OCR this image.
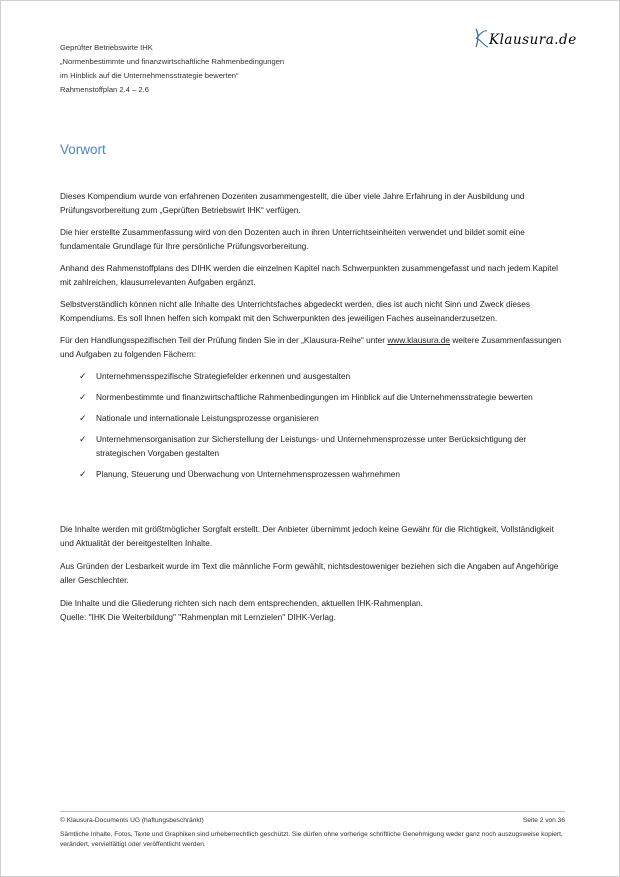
Geprüfter Betriebswirte IHK
„Normenbestimmte und finanzwirtschaftliche Rahmenbedingungen
im Hinblick auf die Unternehmensstrategie bewerten“
Rahmenstoffplan 2.4 – 2.6
Klausura.de
Vorwort

Dieses Kompendium wurde von erfahrenen Dozenten zusammengestellt, die über viele Jahre Erfahrung in der Ausbildung und Prüfungsvorbereitung zum „Geprüften Betriebswirt IHK“ verfügen.

Die hier erstellte Zusammenfassung wird von den Dozenten auch in ihren Unterrichtseinheiten verwendet und bildet somit eine fundamentale Grundlage für Ihre persönliche Prüfungsvorbereitung.

Anhand des Rahmenstoffplans des DIHK werden die einzelnen Kapitel nach Schwerpunkten zusammengefasst und nach jedem Kapitel mit zahlreichen, klausurrelevanten Aufgaben ergänzt.

Selbstverständlich können nicht alle Inhalte des Unterrichtsfaches abgedeckt werden, dies ist auch nicht Sinn und Zweck dieses Kompendiums. Es soll Ihnen helfen sich kompakt mit den Schwerpunkten des jeweiligen Faches auseinanderzusetzen.

Für den Handlungsspezifischen Teil der Prüfung finden Sie in der „Klausura-Reihe“ unter www.klausura.de weitere Zusammenfassungen und Aufgaben zu folgenden Fächern:

✓ Unternehmensspezifische Strategiefelder erkennen und ausgestalten
✓ Normenbestimmte und finanzwirtschaftliche Rahmenbedingungen im Hinblick auf die Unternehmensstrategie bewerten
✓ Nationale und internationale Leistungsprozesse organisieren
✓ Unternehmensorganisation zur Sicherstellung der Leistungs- und Unternehmensprozesse unter Berücksichtigung der strategischen Vorgaben gestalten
✓ Planung, Steuerung und Überwachung von Unternehmensprozessen wahrnehmen

Die Inhalte werden mit größtmöglicher Sorgfalt erstellt. Der Anbieter übernimmt jedoch keine Gewähr für die Richtigkeit, Vollständigkeit und Aktualität der bereitgestellten Inhalte.

Aus Gründen der Lesbarkeit wurde im Text die männliche Form gewählt, nichtsdestoweniger beziehen sich die Angaben auf Angehörige aller Geschlechter.

Die Inhalte und die Gliederung richten sich nach dem entsprechenden, aktuellen IHK-Rahmenplan.
Quelle: "IHK Die Weiterbildung" "Rahmenplan mit Lernzielen" DIHK-Verlag.

© Klausura-Documents UG (haftungsbeschränkt)	Seite 2 von 36
Sämtliche Inhalte, Fotos, Texte und Graphiken sind urheberrechtlich geschützt. Sie dürfen ohne vorherige schriftliche Genehmigung weder ganz noch auszugsweise kopiert, verändert, vervielfältigt oder veröffentlicht werden.
